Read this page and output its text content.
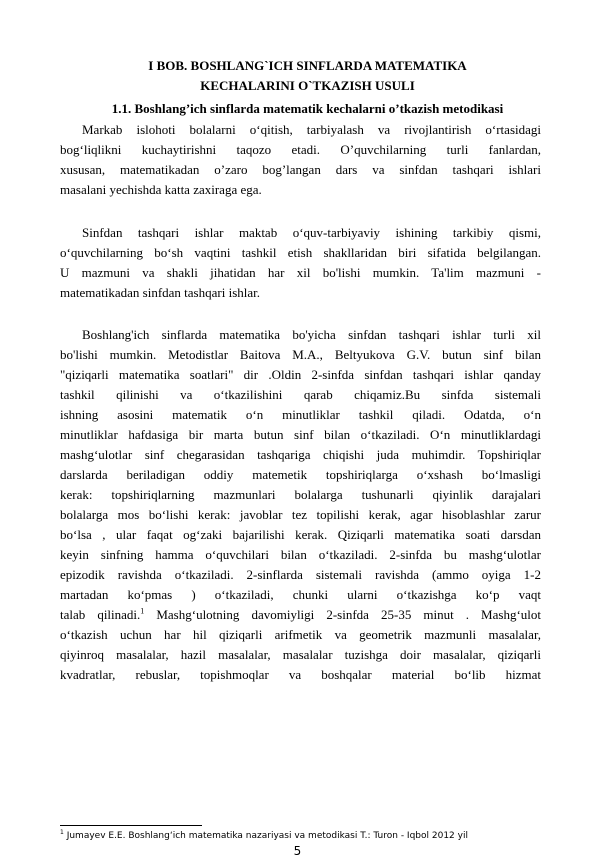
I BOB. BOSHLANG`ICH SINFLARDA MATEMATIKA
KECHALARINI O`TKAZISH USULI
1.1. Boshlang’ich sinflarda matematik kechalarni o’tkazish metodikasi
Markab islohoti bolalarni o‘qitish, tarbiyalash va rivojlantirish o‘rtasidagi
bog‘liqlikni kuchaytirishni taqozo etadi. O’quvchilarning turli fanlardan,
xususan, matematikadan o’zaro bog’langan dars va sinfdan tashqari ishlari
masalani yechishda katta zaxiraga ega.
Sinfdan tashqari ishlar maktab o‘quv-tarbiyaviy ishining tarkibiy qismi,
o‘quvchilarning bo‘sh vaqtini tashkil etish shakllaridan biri sifatida belgilangan.
U mazmuni va shakli jihatidan har xil bo'lishi mumkin. Ta'lim mazmuni -
matematikadan sinfdan tashqari ishlar.
Boshlang'ich sinflarda matematika bo'yicha sinfdan tashqari ishlar turli xil
bo'lishi mumkin. Metodistlar Baitova M.A., Beltyukova G.V. butun sinf bilan
"qiziqarli matematika soatlari" dir .Oldin 2-sinfda sinfdan tashqari ishlar qanday
tashkil qilinishi va o‘tkazilishini qarab chiqamiz.Bu sinfda sistemali
ishning asosini matematik o‘n minutliklar tashkil qiladi. Odatda, o‘n
minutliklar hafdasiga bir marta butun sinf bilan o‘tkaziladi. O‘n minutliklardagi
mashg‘ulotlar sinf chegarasidan tashqariga chiqishi juda muhimdir. Topshiriqlar
darslarda beriladigan oddiy matemetik topshiriqlarga o‘xshash bo‘lmasligi
kerak: topshiriqlarning mazmunlari bolalarga tushunarli qiyinlik darajalari
bolalarga mos bo‘lishi kerak: javoblar tez topilishi kerak, agar hisoblashlar zarur
bo‘lsa , ular faqat og‘zaki bajarilishi kerak. Qiziqarli matematika soati darsdan
keyin sinfning hamma o‘quvchilari bilan o‘tkaziladi. 2-sinfda bu mashg‘ulotlar
epizodik ravishda o‘tkaziladi. 2-sinflarda sistemali ravishda (ammo oyiga 1-2
martadan ko‘pmas ) o‘tkaziladi, chunki ularni o‘tkazishga ko‘p vaqt
talab qilinadi.$^1$ Mashg‘ulotning davomiyligi 2-sinfda 25-35 minut . Mashg‘ulot
o‘tkazish uchun har hil qiziqarli arifmetik va geometrik mazmunli masalalar,
qiyinroq masalalar, hazil masalalar, masalalar tuzishga doir masalalar, qiziqarli
kvadratlar, rebuslar, topishmoqlar va boshqalar material bo‘lib hizmat
$^1$ Jumayev E.E. Boshlang‘ich matematika nazariyasi va metodikasi T.: Turon - Iqbol 2012 yil
5
